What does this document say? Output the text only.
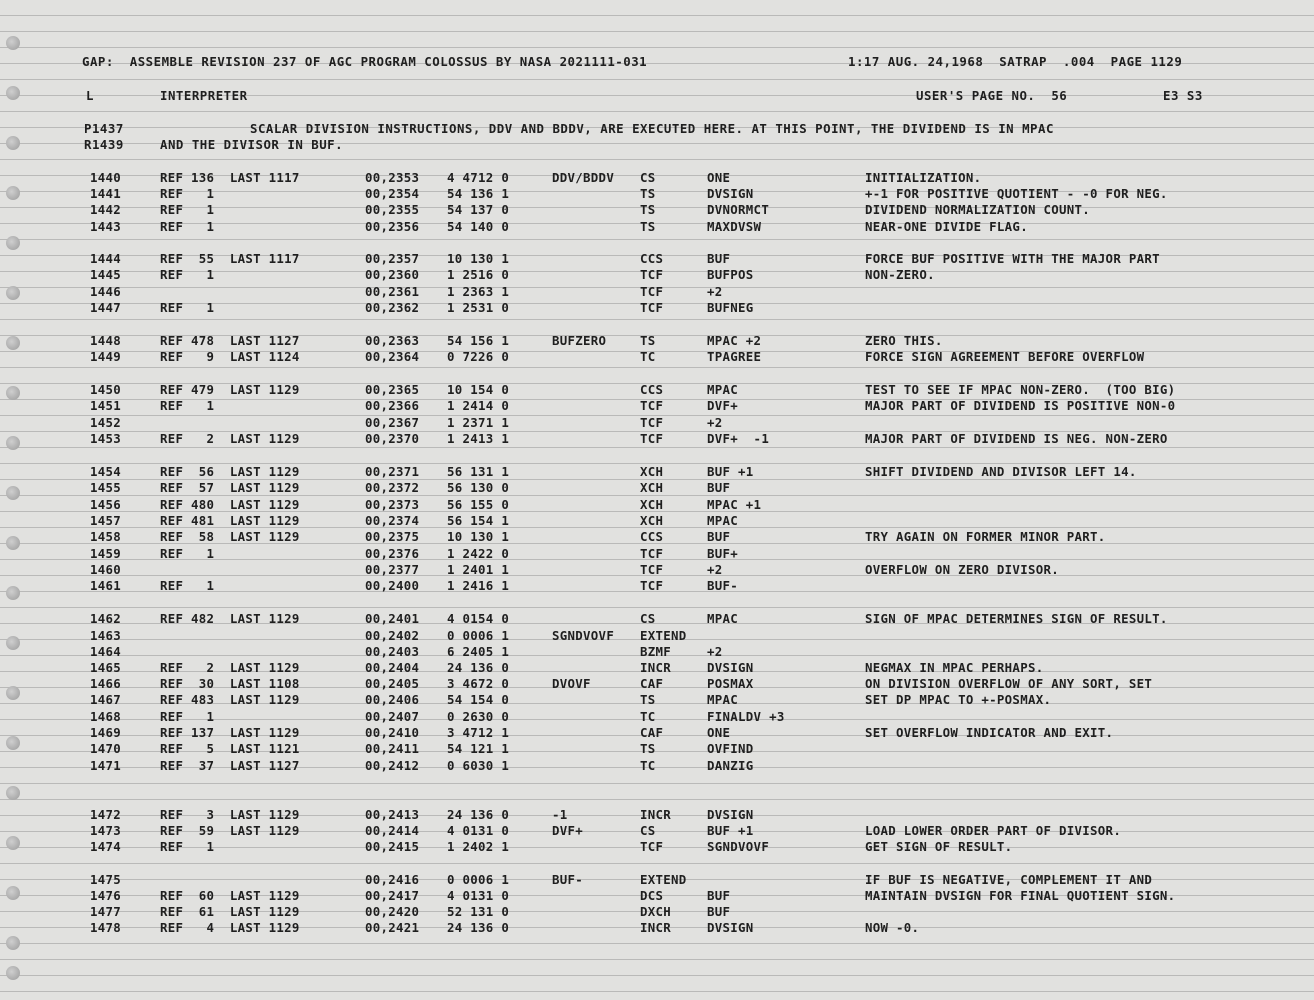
GAP:  ASSEMBLE REVISION 237 OF AGC PROGRAM COLOSSUS BY NASA 2021111-031	1:17 AUG. 24,1968  SATRAP  .004  PAGE 1129
L	INTERPRETER	USER'S PAGE NO.  56	E3 S3
P1437	SCALAR DIVISION INSTRUCTIONS, DDV AND BDDV, ARE EXECUTED HERE. AT THIS POINT, THE DIVIDEND IS IN MPAC
R1439	AND THE DIVISOR IN BUF.
1440	REF 136  LAST 1117	00,2353 4 4712 0	DDV/BDDV CS	ONE	INITIALIZATION.
1441	REF   1	00,2354 54 136 1	TS	DVSIGN	+-1 FOR POSITIVE QUOTIENT - -0 FOR NEG.
1442	REF   1	00,2355 54 137 0	TS	DVNORMCT	DIVIDEND NORMALIZATION COUNT.
1443	REF   1	00,2356 54 140 0	TS	MAXDVSW	NEAR-ONE DIVIDE FLAG.
1444	REF  55  LAST 1117	00,2357 10 130 1	CCS	BUF	FORCE BUF POSITIVE WITH THE MAJOR PART
1445	REF   1	00,2360 1 2516 0	TCF	BUFPOS	NON-ZERO.
1446	00,2361 1 2363 1	TCF	+2
1447	REF   1	00,2362 1 2531 0	TCF	BUFNEG
1448	REF 478  LAST 1127	00,2363 54 156 1	BUFZERO	TS	MPAC +2	ZERO THIS.
1449	REF   9  LAST 1124	00,2364 0 7226 0	TC	TPAGREE	FORCE SIGN AGREEMENT BEFORE OVERFLOW
1450	REF 479  LAST 1129	00,2365 10 154 0	CCS	MPAC	TEST TO SEE IF MPAC NON-ZERO.  (TOO BIG)
1451	REF   1	00,2366 1 2414 0	TCF	DVF+	MAJOR PART OF DIVIDEND IS POSITIVE NON-0
1452	00,2367 1 2371 1	TCF	+2
1453	REF   2  LAST 1129	00,2370 1 2413 1	TCF	DVF+  -1	MAJOR PART OF DIVIDEND IS NEG. NON-ZERO
1454	REF  56  LAST 1129	00,2371 56 131 1	XCH	BUF +1	SHIFT DIVIDEND AND DIVISOR LEFT 14.
1455	REF  57  LAST 1129	00,2372 56 130 0	XCH	BUF
1456	REF 480  LAST 1129	00,2373 56 155 0	XCH	MPAC +1
1457	REF 481  LAST 1129	00,2374 56 154 1	XCH	MPAC
1458	REF  58  LAST 1129	00,2375 10 130 1	CCS	BUF	TRY AGAIN ON FORMER MINOR PART.
1459	REF   1	00,2376 1 2422 0	TCF	BUF+
1460	00,2377 1 2401 1	TCF	+2	OVERFLOW ON ZERO DIVISOR.
1461	REF   1	00,2400 1 2416 1	TCF	BUF-
1462	REF 482  LAST 1129	00,2401 4 0154 0	CS	MPAC	SIGN OF MPAC DETERMINES SIGN OF RESULT.
1463	00,2402 0 0006 1	SGNDVOVF EXTEND
1464	00,2403 6 2405 1	BZMF	+2
1465	REF   2  LAST 1129	00,2404 24 136 0	INCR	DVSIGN	NEGMAX IN MPAC PERHAPS.
1466	REF  30  LAST 1108	00,2405 3 4672 0	DVOVF	CAF	POSMAX	ON DIVISION OVERFLOW OF ANY SORT, SET
1467	REF 483  LAST 1129	00,2406 54 154 0	TS	MPAC	SET DP MPAC TO +-POSMAX.
1468	REF   1	00,2407 0 2630 0	TC	FINALDV +3
1469	REF 137  LAST 1129	00,2410 3 4712 1	CAF	ONE	SET OVERFLOW INDICATOR AND EXIT.
1470	REF   5  LAST 1121	00,2411 54 121 1	TS	OVFIND
1471	REF  37  LAST 1127	00,2412 0 6030 1	TC	DANZIG
1472	REF   3  LAST 1129	00,2413 24 136 0	-1	INCR	DVSIGN
1473	REF  59  LAST 1129	00,2414 4 0131 0	DVF+	CS	BUF +1	LOAD LOWER ORDER PART OF DIVISOR.
1474	REF   1	00,2415 1 2402 1	TCF	SGNDVOVF	GET SIGN OF RESULT.
1475	00,2416 0 0006 1	BUF-	EXTEND	IF BUF IS NEGATIVE, COMPLEMENT IT AND
1476	REF  60  LAST 1129	00,2417 4 0131 0	DCS	BUF	MAINTAIN DVSIGN FOR FINAL QUOTIENT SIGN.
1477	REF  61  LAST 1129	00,2420 52 131 0	DXCH	BUF
1478	REF   4  LAST 1129	00,2421 24 136 0	INCR	DVSIGN	NOW -0.
